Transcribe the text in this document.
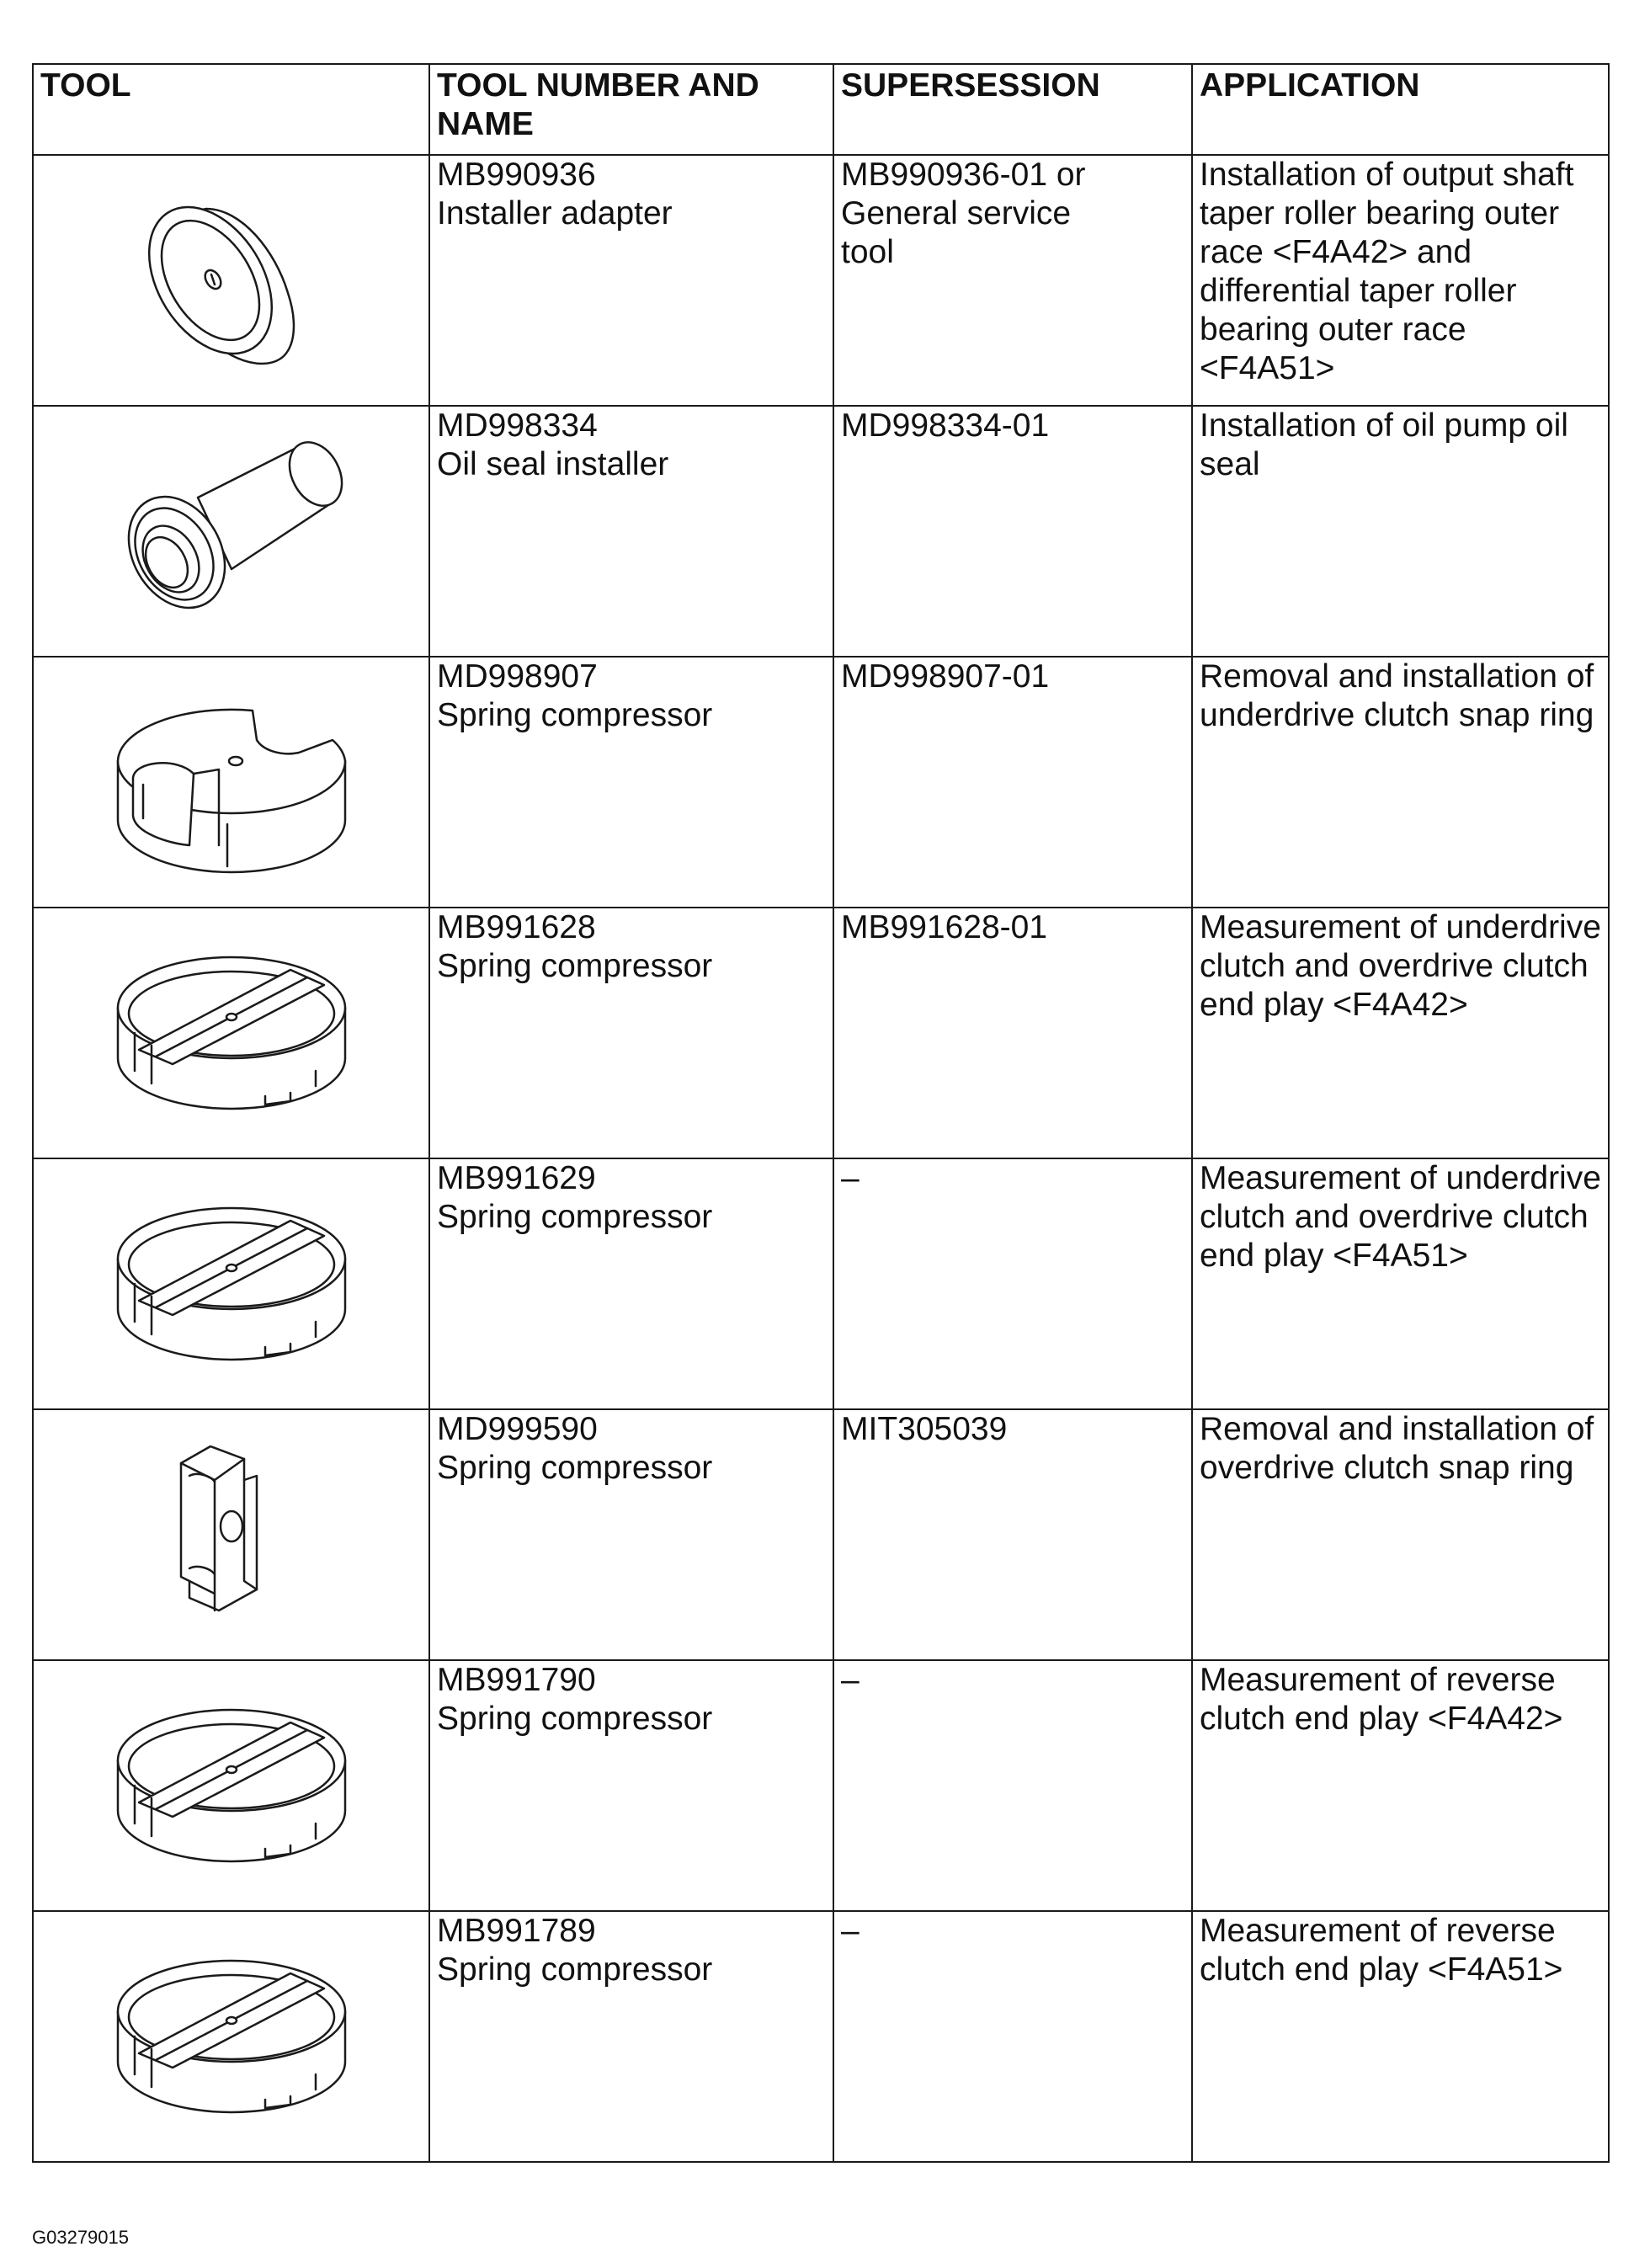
TOOL	TOOL NUMBER AND NAME	SUPERSESSION	APPLICATION

MB990936
Installer adapter	MB990936-01 or General service tool	Installation of output shaft taper roller bearing outer race <F4A42> and differential taper roller bearing outer race <F4A51>

MD998334
Oil seal installer	MD998334-01	Installation of oil pump oil seal

MD998907
Spring compressor	MD998907-01	Removal and installation of underdrive clutch snap ring

MB991628
Spring compressor	MB991628-01	Measurement of underdrive clutch and overdrive clutch end play <F4A42>

MB991629
Spring compressor	–	Measurement of underdrive clutch and overdrive clutch end play <F4A51>

MD999590
Spring compressor	MIT305039	Removal and installation of overdrive clutch snap ring

MB991790
Spring compressor	–	Measurement of reverse clutch end play <F4A42>

MB991789
Spring compressor	–	Measurement of reverse clutch end play <F4A51>
G03279015
